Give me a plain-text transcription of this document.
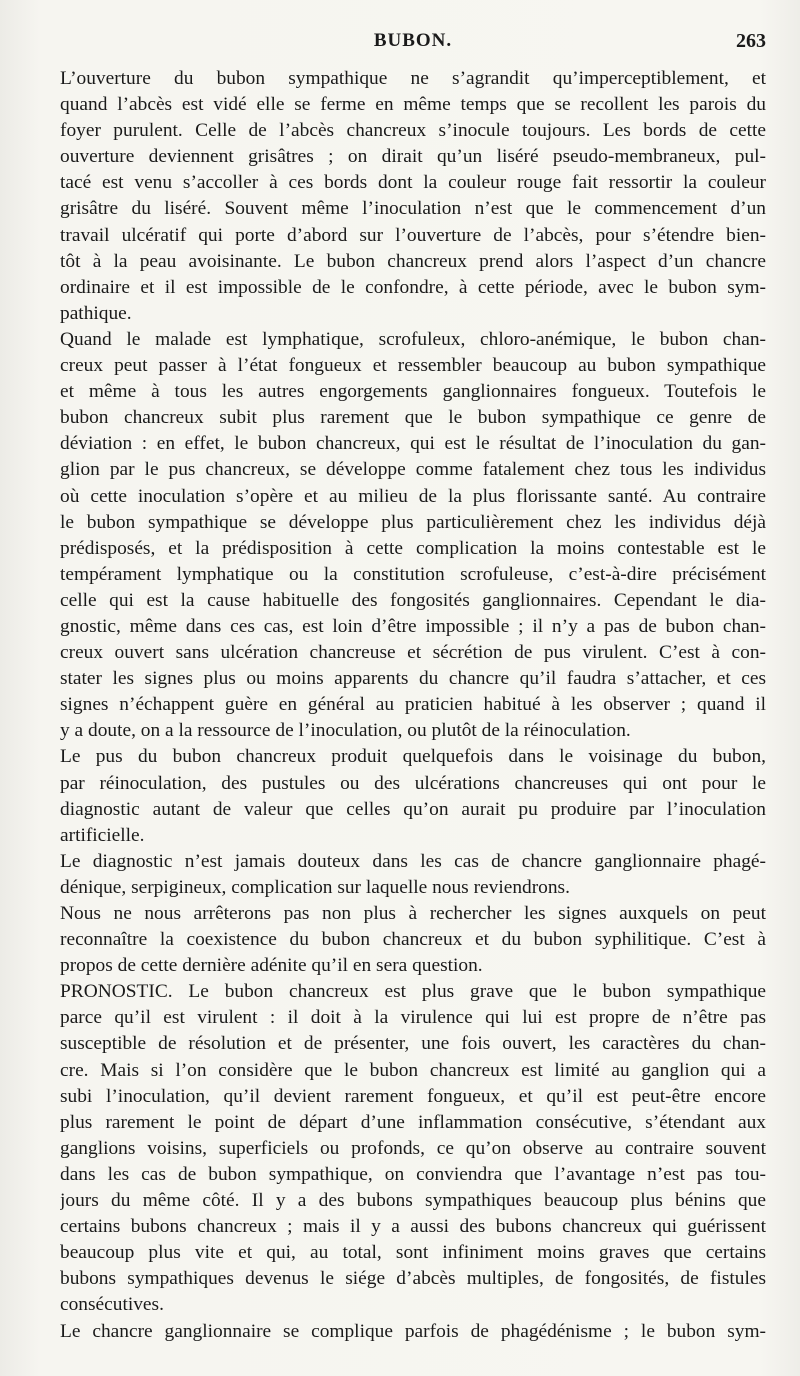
BUBON.	263
L’ouverture du bubon sympathique ne s’agrandit qu’imperceptiblement, et
quand l’abcès est vidé elle se ferme en même temps que se recollent les parois du
foyer purulent. Celle de l’abcès chancreux s’inocule toujours. Les bords de cette
ouverture deviennent grisâtres ; on dirait qu’un liséré pseudo-membraneux, pul-
tacé est venu s’accoller à ces bords dont la couleur rouge fait ressortir la couleur
grisâtre du liséré. Souvent même l’inoculation n’est que le commencement d’un
travail ulcératif qui porte d’abord sur l’ouverture de l’abcès, pour s’étendre bien-
tôt à la peau avoisinante. Le bubon chancreux prend alors l’aspect d’un chancre
ordinaire et il est impossible de le confondre, à cette période, avec le bubon sym-
pathique.
Quand le malade est lymphatique, scrofuleux, chloro-anémique, le bubon chan-
creux peut passer à l’état fongueux et ressembler beaucoup au bubon sympathique
et même à tous les autres engorgements ganglionnaires fongueux. Toutefois le
bubon chancreux subit plus rarement que le bubon sympathique ce genre de
déviation : en effet, le bubon chancreux, qui est le résultat de l’inoculation du gan-
glion par le pus chancreux, se développe comme fatalement chez tous les individus
où cette inoculation s’opère et au milieu de la plus florissante santé. Au contraire
le bubon sympathique se développe plus particulièrement chez les individus déjà
prédisposés, et la prédisposition à cette complication la moins contestable est le
tempérament lymphatique ou la constitution scrofuleuse, c’est-à-dire précisément
celle qui est la cause habituelle des fongosités ganglionnaires. Cependant le dia-
gnostic, même dans ces cas, est loin d’être impossible ; il n’y a pas de bubon chan-
creux ouvert sans ulcération chancreuse et sécrétion de pus virulent. C’est à con-
stater les signes plus ou moins apparents du chancre qu’il faudra s’attacher, et ces
signes n’échappent guère en général au praticien habitué à les observer ; quand il
y a doute, on a la ressource de l’inoculation, ou plutôt de la réinoculation.
Le pus du bubon chancreux produit quelquefois dans le voisinage du bubon,
par réinoculation, des pustules ou des ulcérations chancreuses qui ont pour le
diagnostic autant de valeur que celles qu’on aurait pu produire par l’inoculation
artificielle.
Le diagnostic n’est jamais douteux dans les cas de chancre ganglionnaire phagé-
dénique, serpigineux, complication sur laquelle nous reviendrons.
Nous ne nous arrêterons pas non plus à rechercher les signes auxquels on peut
reconnaître la coexistence du bubon chancreux et du bubon syphilitique. C’est à
propos de cette dernière adénite qu’il en sera question.
PRONOSTIC. Le bubon chancreux est plus grave que le bubon sympathique
parce qu’il est virulent : il doit à la virulence qui lui est propre de n’être pas
susceptible de résolution et de présenter, une fois ouvert, les caractères du chan-
cre. Mais si l’on considère que le bubon chancreux est limité au ganglion qui a
subi l’inoculation, qu’il devient rarement fongueux, et qu’il est peut-être encore
plus rarement le point de départ d’une inflammation consécutive, s’étendant aux
ganglions voisins, superficiels ou profonds, ce qu’on observe au contraire souvent
dans les cas de bubon sympathique, on conviendra que l’avantage n’est pas tou-
jours du même côté. Il y a des bubons sympathiques beaucoup plus bénins que
certains bubons chancreux ; mais il y a aussi des bubons chancreux qui guérissent
beaucoup plus vite et qui, au total, sont infiniment moins graves que certains
bubons sympathiques devenus le siége d’abcès multiples, de fongosités, de fistules
consécutives.
Le chancre ganglionnaire se complique parfois de phagédénisme ; le bubon sym-
